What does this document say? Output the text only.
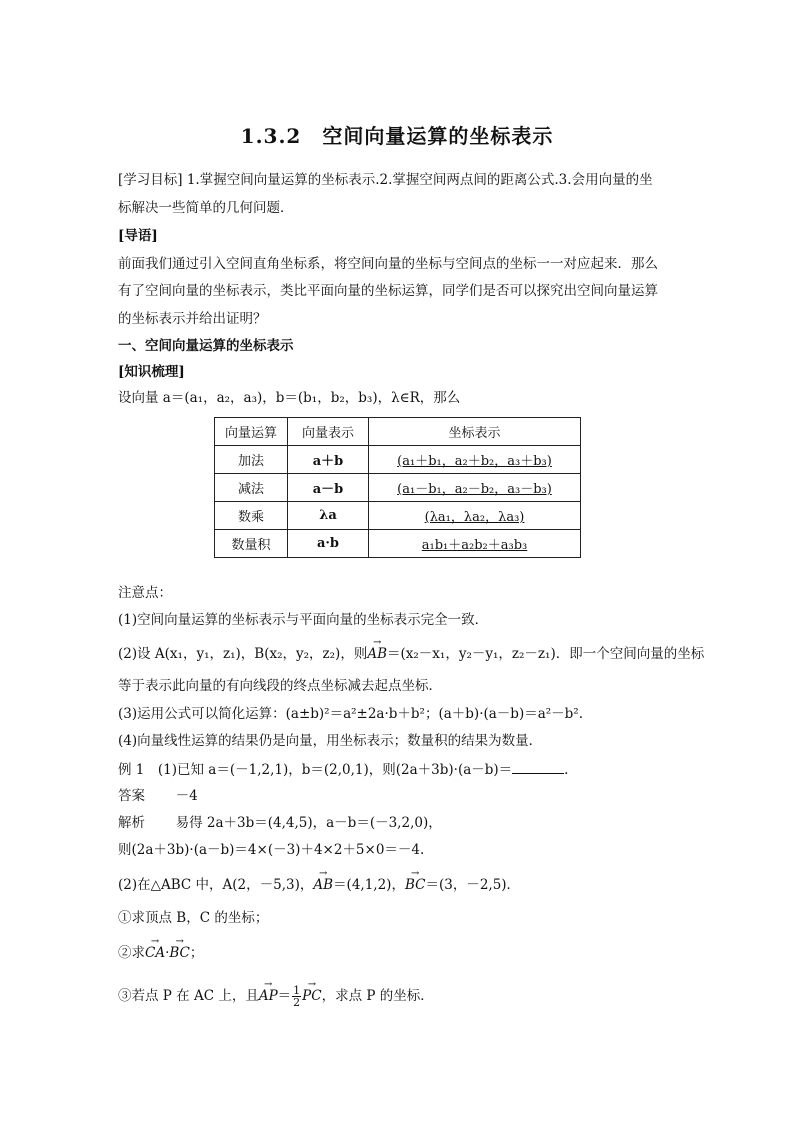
1.3.2　空间向量运算的坐标表示
[学习目标] 1.掌握空间向量运算的坐标表示.2.掌握空间两点间的距离公式.3.会用向量的坐
标解决一些简单的几何问题．
[导语]
前面我们通过引入空间直角坐标系，将空间向量的坐标与空间点的坐标一一对应起来．那么
有了空间向量的坐标表示，类比平面向量的坐标运算，同学们是否可以探究出空间向量运算
的坐标表示并给出证明？
一、空间向量运算的坐标表示
[知识梳理]
设向量 a＝(a₁，a₂，a₃)，b＝(b₁，b₂，b₃)，λ∈R，那么
向量运算	向量表示	坐标表示
加法	a＋b	(a₁＋b₁，a₂＋b₂，a₃＋b₃)
减法	a－b	(a₁－b₁，a₂－b₂，a₃－b₃)
数乘	λa	(λa₁，λa₂，λa₃)
数量积	a·b	a₁b₁＋a₂b₂＋a₃b₃
注意点：
(1)空间向量运算的坐标表示与平面向量的坐标表示完全一致．
(2)设 A(x₁，y₁，z₁)，B(x₂，y₂，z₂)，则→ AB＝(x₂－x₁，y₂－y₁，z₂－z₁)．即一个空间向量的坐标
等于表示此向量的有向线段的终点坐标减去起点坐标．
(3)运用公式可以简化运算：(a±b)²＝a²±2a·b＋b²；(a＋b)·(a－b)＝a²－b².
(4)向量线性运算的结果仍是向量，用坐标表示；数量积的结果为数量．
例 1　(1)已知 a＝(－1,2,1)，b＝(2,0,1)，则(2a＋3b)·(a－b)＝	.
答案 －4
解析 易得 2a＋3b＝(4,4,5)，a－b＝(－3,2,0)，
则(2a＋3b)·(a－b)＝4×(－3)＋4×2＋5×0＝－4.
(2)在△ABC 中，A(2，－5,3)，→ AB＝(4,1,2)，→ BC＝(3，－2,5)．
①求顶点 B，C 的坐标；
②求→ CA·→ BC；
③若点 P 在 AC 上，且→ $AP= \frac{1}{2}$ → PC，求点 P 的坐标．
